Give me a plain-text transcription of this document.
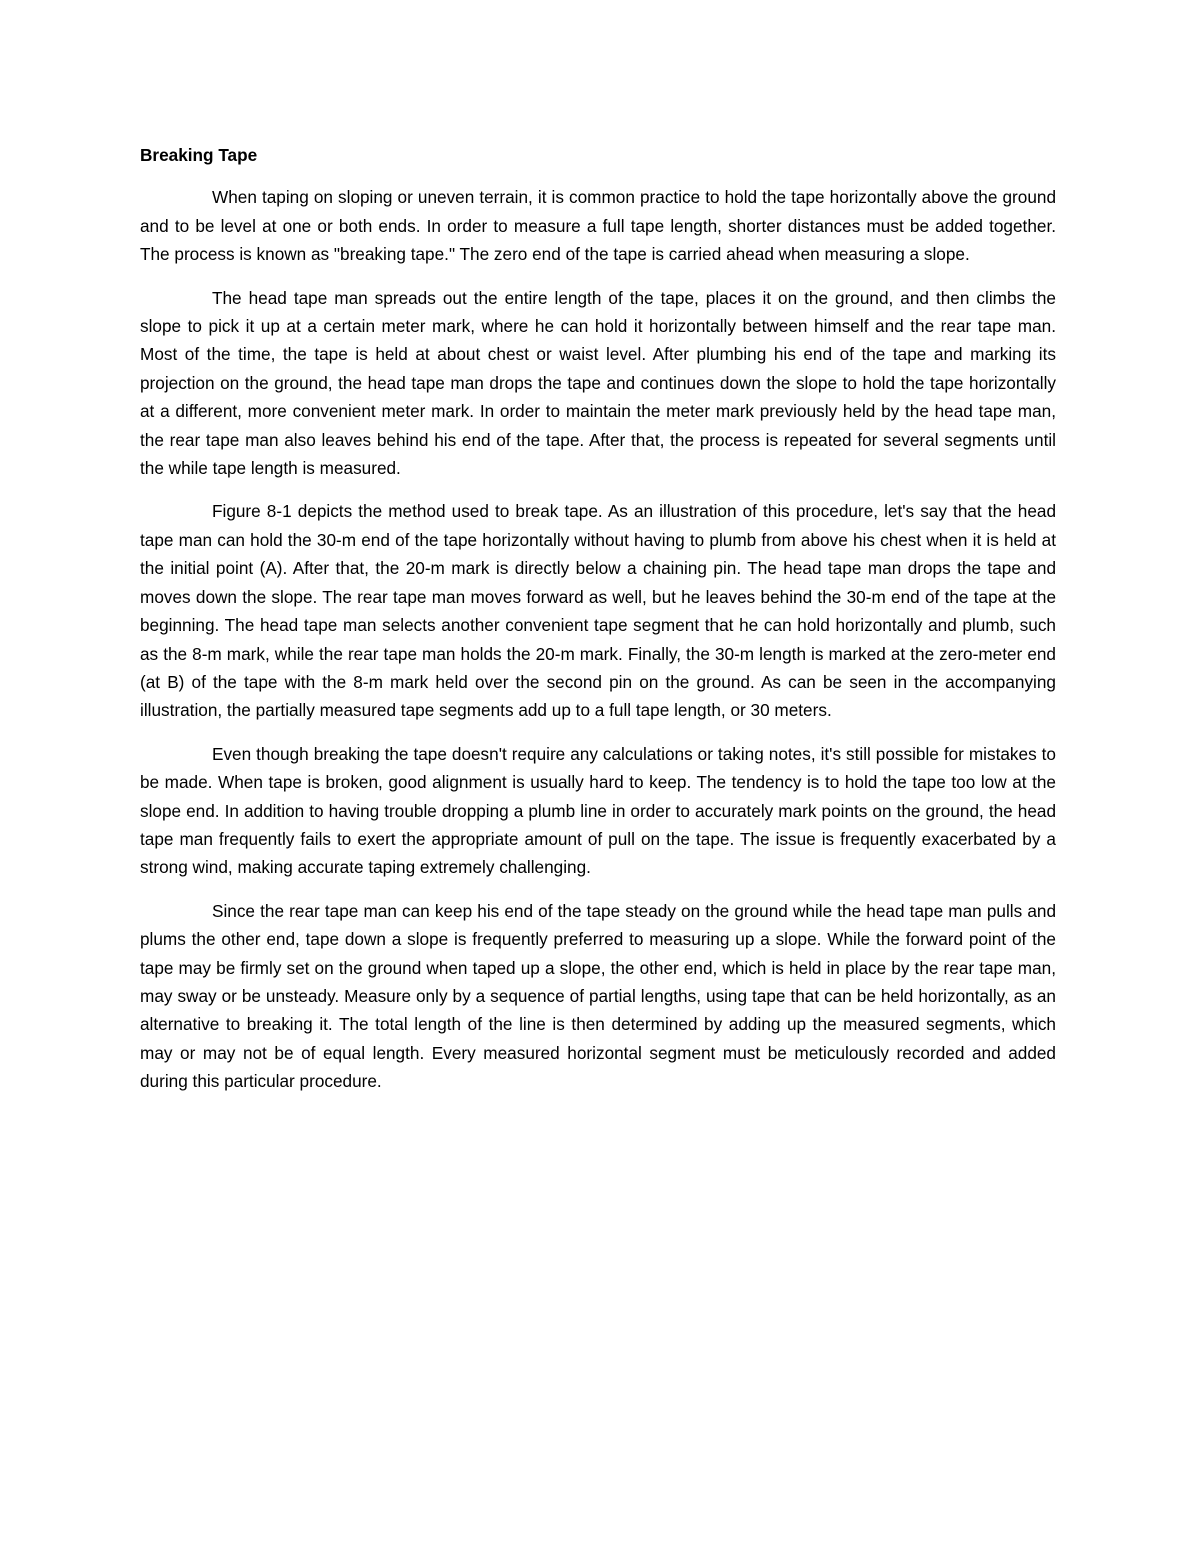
Breaking Tape

When taping on sloping or uneven terrain, it is common practice to hold the tape horizontally above the ground and to be level at one or both ends. In order to measure a full tape length, shorter distances must be added together. The process is known as "breaking tape." The zero end of the tape is carried ahead when measuring a slope.

The head tape man spreads out the entire length of the tape, places it on the ground, and then climbs the slope to pick it up at a certain meter mark, where he can hold it horizontally between himself and the rear tape man. Most of the time, the tape is held at about chest or waist level. After plumbing his end of the tape and marking its projection on the ground, the head tape man drops the tape and continues down the slope to hold the tape horizontally at a different, more convenient meter mark. In order to maintain the meter mark previously held by the head tape man, the rear tape man also leaves behind his end of the tape. After that, the process is repeated for several segments until the while tape length is measured.

Figure 8-1 depicts the method used to break tape. As an illustration of this procedure, let's say that the head tape man can hold the 30-m end of the tape horizontally without having to plumb from above his chest when it is held at the initial point (A). After that, the 20-m mark is directly below a chaining pin. The head tape man drops the tape and moves down the slope. The rear tape man moves forward as well, but he leaves behind the 30-m end of the tape at the beginning. The head tape man selects another convenient tape segment that he can hold horizontally and plumb, such as the 8-m mark, while the rear tape man holds the 20-m mark. Finally, the 30-m length is marked at the zero-meter end (at B) of the tape with the 8-m mark held over the second pin on the ground. As can be seen in the accompanying illustration, the partially measured tape segments add up to a full tape length, or 30 meters.

Even though breaking the tape doesn't require any calculations or taking notes, it's still possible for mistakes to be made. When tape is broken, good alignment is usually hard to keep. The tendency is to hold the tape too low at the slope end. In addition to having trouble dropping a plumb line in order to accurately mark points on the ground, the head tape man frequently fails to exert the appropriate amount of pull on the tape. The issue is frequently exacerbated by a strong wind, making accurate taping extremely challenging.

Since the rear tape man can keep his end of the tape steady on the ground while the head tape man pulls and plums the other end, tape down a slope is frequently preferred to measuring up a slope. While the forward point of the tape may be firmly set on the ground when taped up a slope, the other end, which is held in place by the rear tape man, may sway or be unsteady. Measure only by a sequence of partial lengths, using tape that can be held horizontally, as an alternative to breaking it. The total length of the line is then determined by adding up the measured segments, which may or may not be of equal length. Every measured horizontal segment must be meticulously recorded and added during this particular procedure.
